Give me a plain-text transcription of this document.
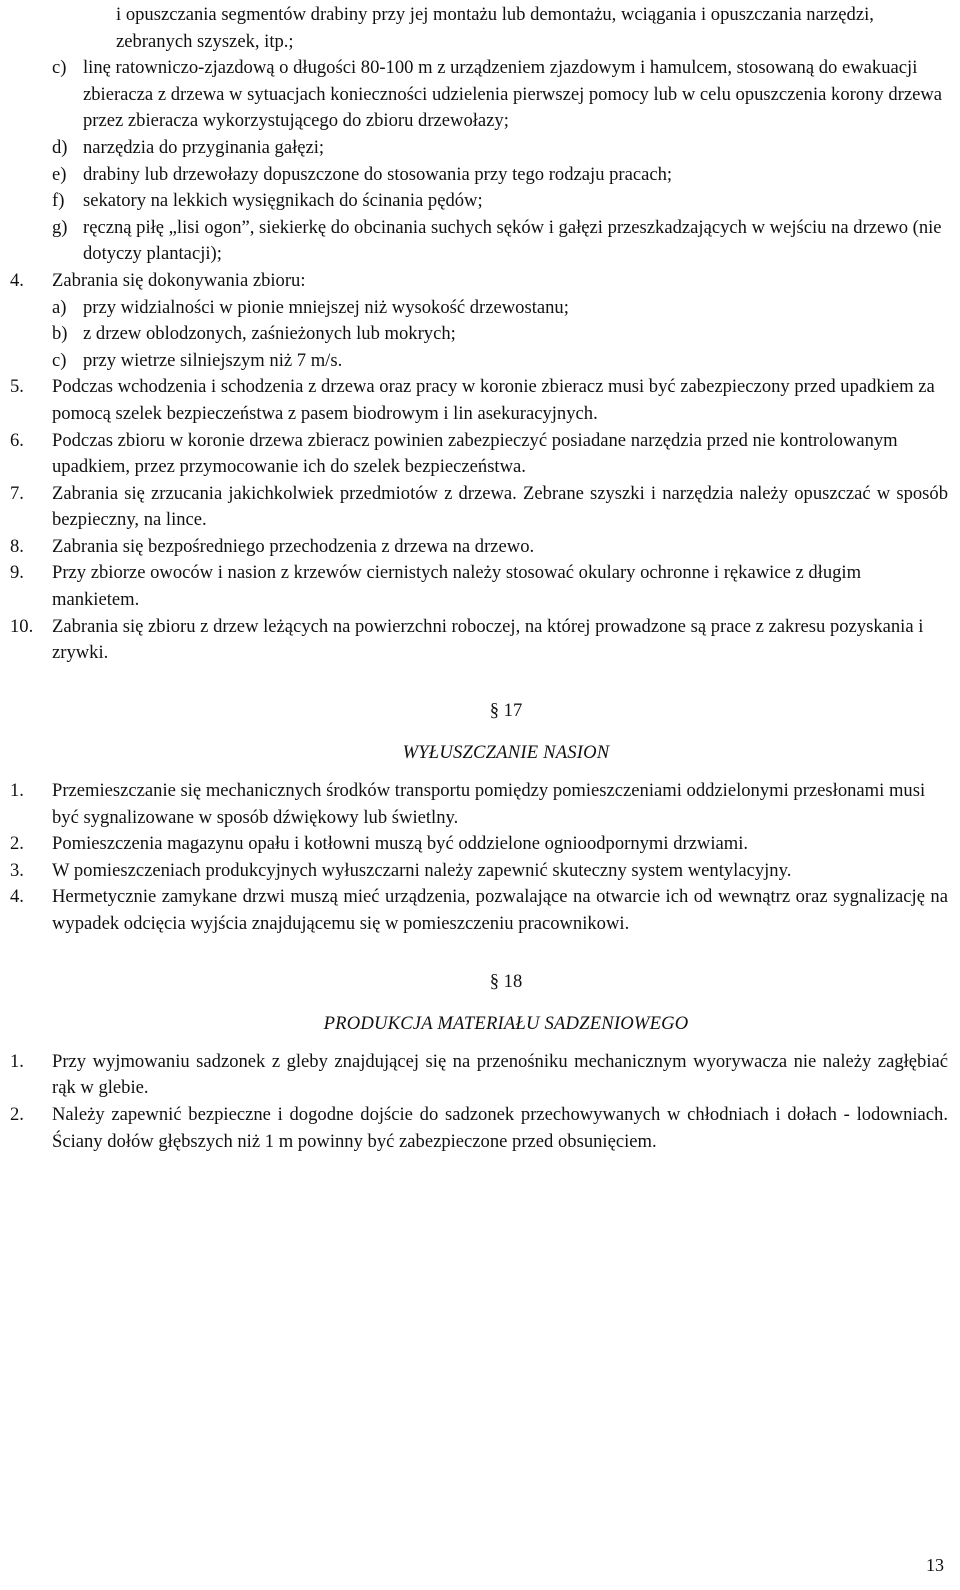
i opuszczania segmentów drabiny przy jej montażu lub demontażu, wciągania i opuszczania narzędzi, zebranych szyszek, itp.;

c) linę ratowniczo-zjazdową o długości 80-100 m z urządzeniem zjazdowym i hamulcem, stosowaną do ewakuacji zbieracza z drzewa w sytuacjach konieczności udzielenia pierwszej pomocy lub w celu opuszczenia korony drzewa przez zbieracza wykorzystującego do zbioru drzewołazy;

d) narzędzia do przyginania gałęzi;

e) drabiny lub drzewołazy dopuszczone do stosowania przy tego rodzaju pracach;

f) sekatory na lekkich wysięgnikach do ścinania pędów;

g) ręczną piłę „lisi ogon”, siekierkę do obcinania suchych sęków i gałęzi przeszkadzających w wejściu na drzewo (nie dotyczy plantacji);

4. Zabrania się dokonywania zbioru:

a) przy widzialności w pionie mniejszej niż wysokość drzewostanu;

b) z drzew oblodzonych, zaśnieżonych lub mokrych;

c) przy wietrze silniejszym niż 7 m/s.

5. Podczas wchodzenia i schodzenia z drzewa oraz pracy w koronie zbieracz musi być zabezpieczony przed upadkiem za pomocą szelek bezpieczeństwa z pasem biodrowym i lin asekuracyjnych.

6. Podczas zbioru w koronie drzewa zbieracz powinien zabezpieczyć posiadane narzędzia przed nie kontrolowanym upadkiem, przez przymocowanie ich do szelek bezpieczeństwa.

7. Zabrania się zrzucania jakichkolwiek przedmiotów z drzewa. Zebrane szyszki i narzędzia należy opuszczać w sposób bezpieczny, na lince.

8. Zabrania się bezpośredniego przechodzenia z drzewa na drzewo.

9. Przy zbiorze owoców i nasion z krzewów ciernistych należy stosować okulary ochronne i rękawice z długim mankietem.

10. Zabrania się zbioru z drzew leżących na powierzchni roboczej, na której prowadzone są prace z zakresu pozyskania i zrywki.

§ 17
WYŁUSZCZANIE NASION
1. Przemieszczanie się mechanicznych środków transportu pomiędzy pomieszczeniami oddzielonymi przesłonami musi być sygnalizowane w sposób dźwiękowy lub świetlny.

2. Pomieszczenia magazynu opału i kotłowni muszą być oddzielone ognioodpornymi drzwiami.

3. W pomieszczeniach produkcyjnych wyłuszczarni należy zapewnić skuteczny system wentylacyjny.

4. Hermetycznie zamykane drzwi muszą mieć urządzenia, pozwalające na otwarcie ich od wewnątrz oraz sygnalizację na wypadek odcięcia wyjścia znajdującemu się w pomieszczeniu pracownikowi.

§ 18
PRODUKCJA MATERIAŁU SADZENIOWEGO
1. Przy wyjmowaniu sadzonek z gleby znajdującej się na przenośniku mechanicznym wyorywacza nie należy zagłębiać rąk w glebie.

2. Należy zapewnić bezpieczne i dogodne dojście do sadzonek przechowywanych w chłodniach i dołach - lodowniach. Ściany dołów głębszych niż 1 m powinny być zabezpieczone przed obsunięciem.

13
